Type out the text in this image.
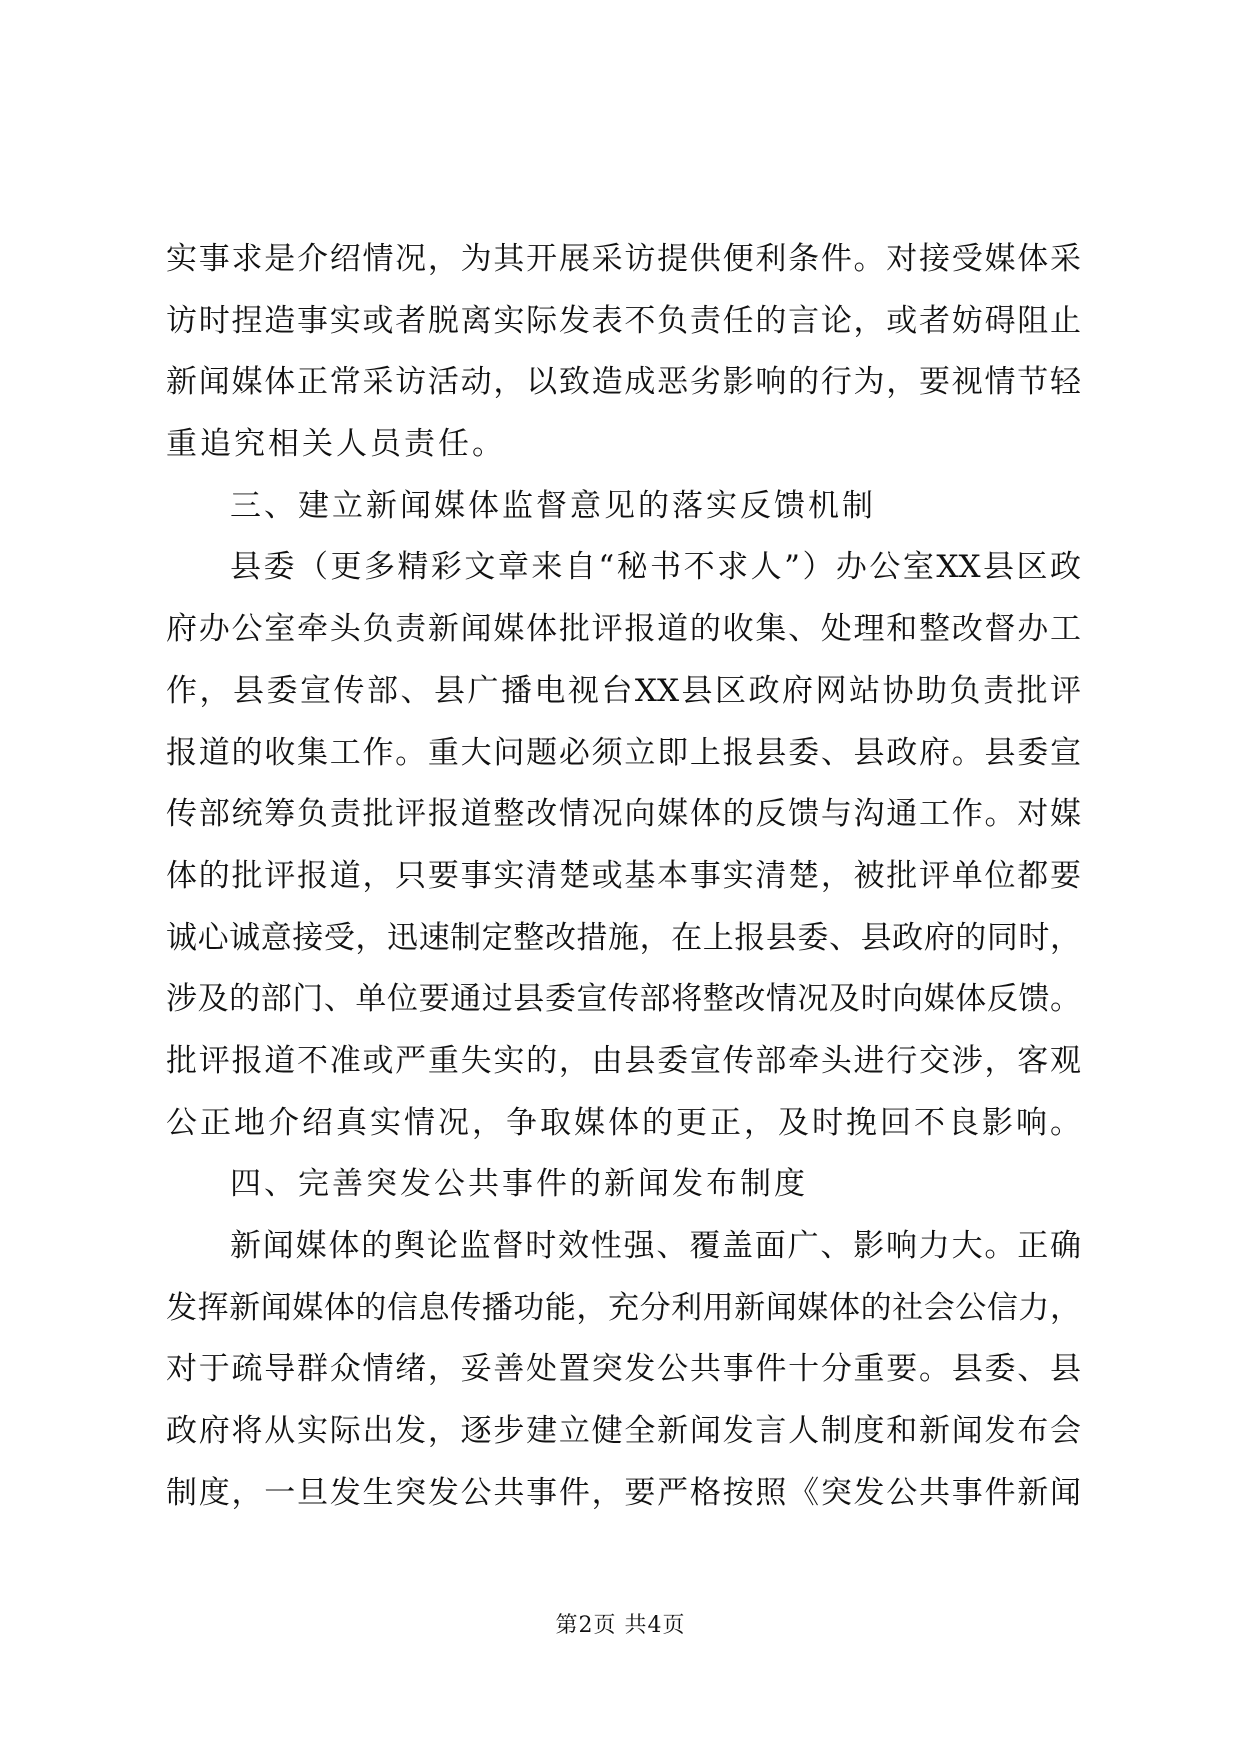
实事求是介绍情况，为其开展采访提供便利条件。对接受媒体采
访时捏造事实或者脱离实际发表不负责任的言论，或者妨碍阻止
新闻媒体正常采访活动，以致造成恶劣影响的行为，要视情节轻
重追究相关人员责任。
三、建立新闻媒体监督意见的落实反馈机制
县委（更多精彩文章来自“秘书不求人”）办公室XX县区政
府办公室牵头负责新闻媒体批评报道的收集、处理和整改督办工
作，县委宣传部、县广播电视台XX县区政府网站协助负责批评
报道的收集工作。重大问题必须立即上报县委、县政府。县委宣
传部统筹负责批评报道整改情况向媒体的反馈与沟通工作。对媒
体的批评报道，只要事实清楚或基本事实清楚，被批评单位都要
诚心诚意接受，迅速制定整改措施，在上报县委、县政府的同时，
涉及的部门、单位要通过县委宣传部将整改情况及时向媒体反馈。
批评报道不准或严重失实的，由县委宣传部牵头进行交涉，客观
公正地介绍真实情况，争取媒体的更正，及时挽回不良影响。
四、完善突发公共事件的新闻发布制度
新闻媒体的舆论监督时效性强、覆盖面广、影响力大。正确
发挥新闻媒体的信息传播功能，充分利用新闻媒体的社会公信力，
对于疏导群众情绪，妥善处置突发公共事件十分重要。县委、县
政府将从实际出发，逐步建立健全新闻发言人制度和新闻发布会
制度，一旦发生突发公共事件，要严格按照《突发公共事件新闻
第2页 共4页
